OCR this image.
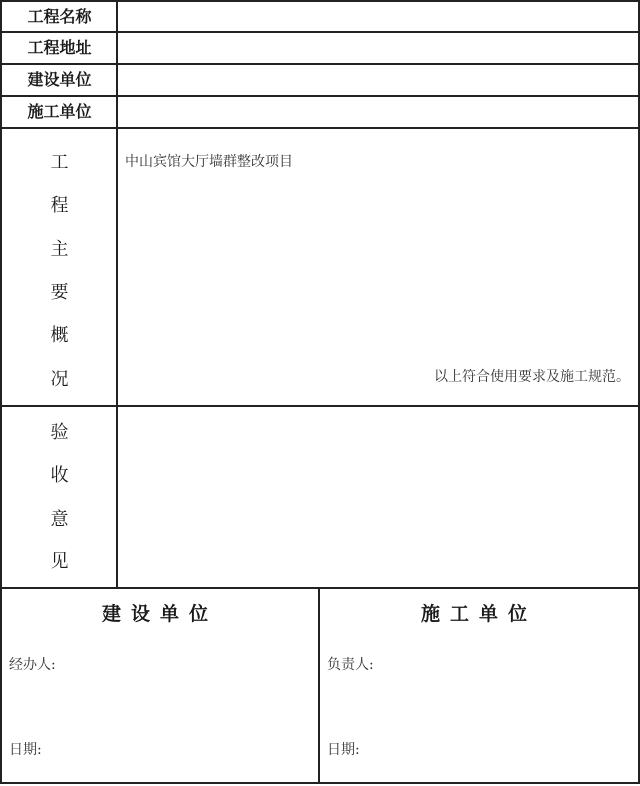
工程名称
工程地址
建设单位
施工单位
工
程
主
要
概
况
中山宾馆大厅墙群整改项目
以上符合使用要求及施工规范。
验
收
意
见
建设单位
经办人:
日期:
施工单位
负责人:
日期:
